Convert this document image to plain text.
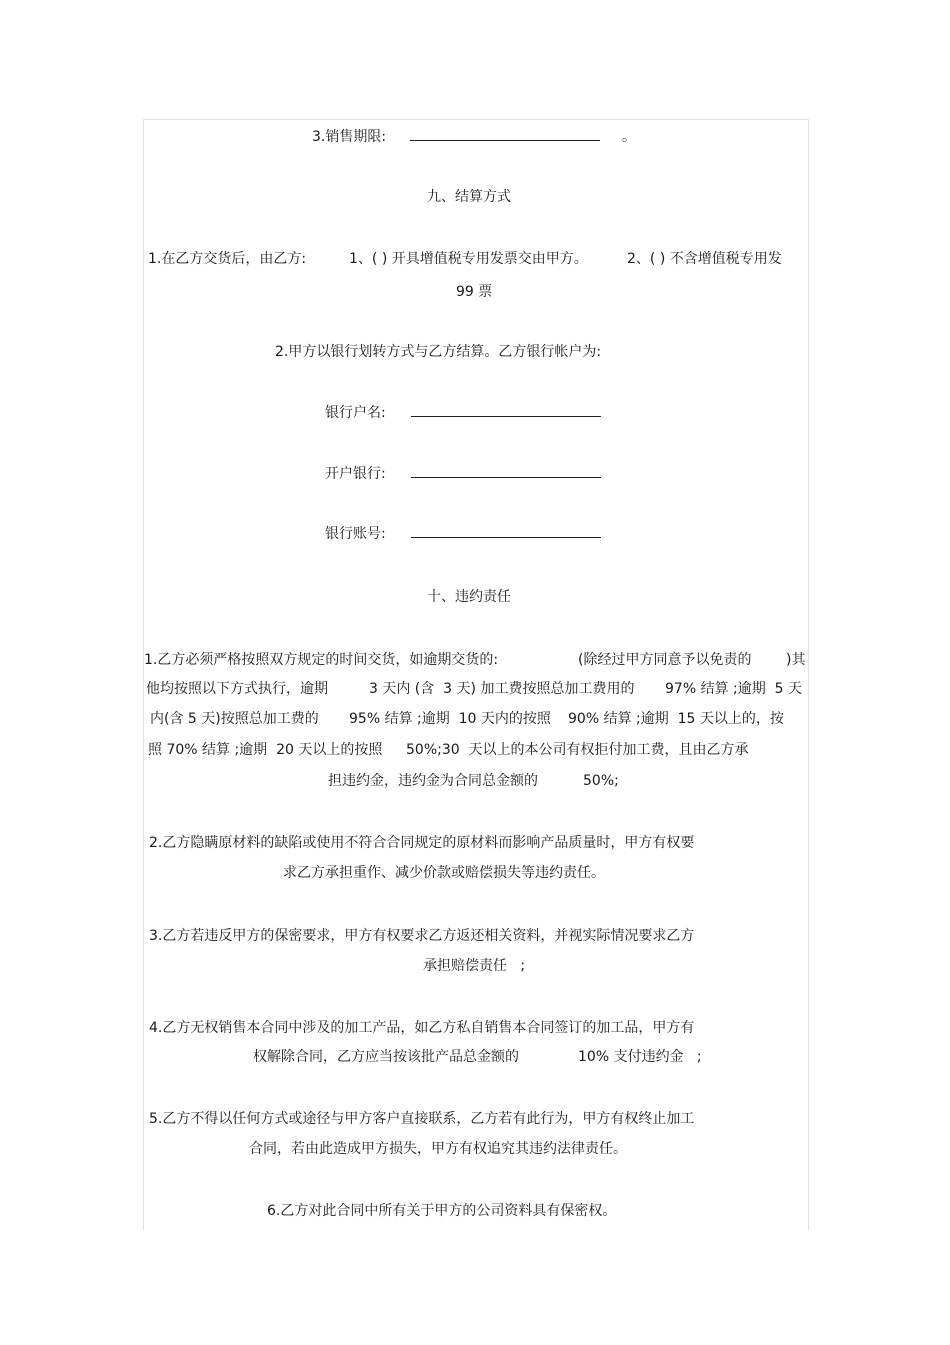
3.销售期限:	。
九、结算方式
1.在乙方交货后，由乙方:	1、( ) 开具增值税专用发票交由甲方。	2、( ) 不含增值税专用发
99 票
2.甲方以银行划转方式与乙方结算。乙方银行帐户为:
银行户名:
开户银行:
银行账号:
十、违约责任
1.乙方必须严格按照双方规定的时间交货，如逾期交货的:	(除经过甲方同意予以免责的 )其
他均按照以下方式执行，逾期	3 天内 (含  3 天) 加工费按照总加工费用的 97% 结算 ;逾期  5 天
内(含 5 天)按照总加工费的 95% 结算 ;逾期  10 天内的按照 90% 结算 ;逾期  15 天以上的，按
照 70% 结算 ;逾期  20 天以上的按照 50%;30  天以上的本公司有权拒付加工费，且由乙方承
担违约金，违约金为合同总金额的	50%;
2.乙方隐瞒原材料的缺陷或使用不符合合同规定的原材料而影响产品质量时，甲方有权要
求乙方承担重作、减少价款或赔偿损失等违约责任。
3.乙方若违反甲方的保密要求，甲方有权要求乙方返还相关资料，并视实际情况要求乙方
承担赔偿责任   ;
4.乙方无权销售本合同中涉及的加工产品，如乙方私自销售本合同签订的加工品，甲方有
权解除合同，乙方应当按该批产品总金额的	10% 支付违约金   ;
5.乙方不得以任何方式或途径与甲方客户直接联系，乙方若有此行为，甲方有权终止加工
合同，若由此造成甲方损失，甲方有权追究其违约法律责任。
6.乙方对此合同中所有关于甲方的公司资料具有保密权。
